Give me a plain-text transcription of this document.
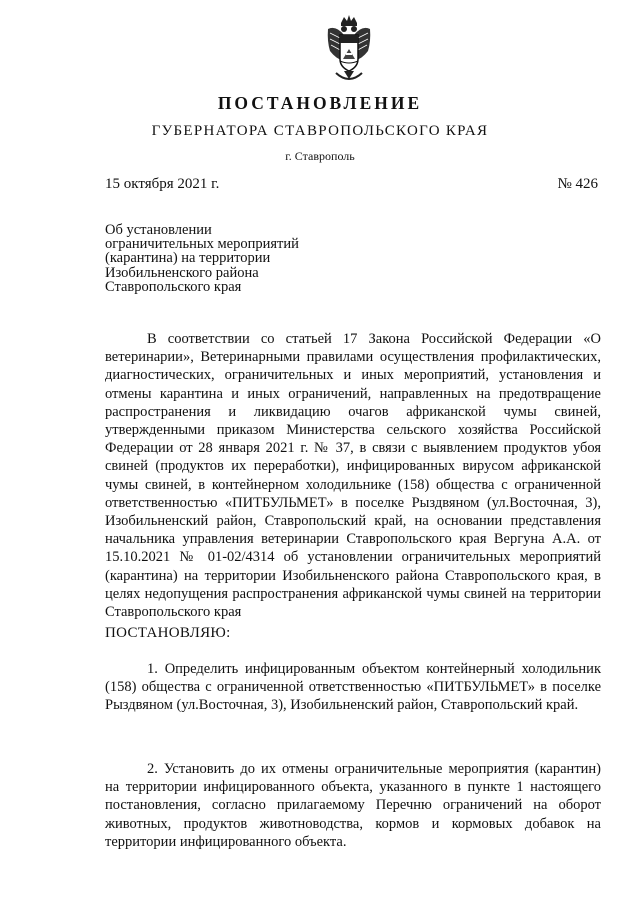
ПОСТАНОВЛЕНИЕ
ГУБЕРНАТОРА СТАВРОПОЛЬСКОГО КРАЯ
г. Ставрополь
15 октября 2021 г.	№ 426
Об установлении
ограничительных мероприятий
(карантина) на территории
Изобильненского района
Ставропольского края
В соответствии со статьей 17 Закона Российской Федерации «О ветеринарии», Ветеринарными правилами осуществления профилактических, диагностических, ограничительных и иных мероприятий, установления и отмены карантина и иных ограничений, направленных на предотвращение распространения и ликвидацию очагов африканской чумы свиней, утвержденными приказом Министерства сельского хозяйства Российской Федерации от 28 января 2021 г. № 37, в связи с выявлением продуктов убоя свиней (продуктов их переработки), инфицированных вирусом африканской чумы свиней, в контейнерном холодильнике (158) общества с ограниченной ответственностью «ПИТБУЛЬМЕТ» в поселке Рыздвяном (ул.Восточная, 3), Изобильненский район, Ставропольский край, на основании представления начальника управления ветеринарии Ставропольского края Вергуна А.А. от 15.10.2021 № 01-02/4314 об установлении ограничительных мероприятий (карантина) на территории Изобильненского района Ставропольского края, в целях недопущения распространения африканской чумы свиней на территории Ставропольского края
ПОСТАНОВЛЯЮ:
1. Определить инфицированным объектом контейнерный холодильник (158) общества с ограниченной ответственностью «ПИТБУЛЬМЕТ» в поселке Рыздвяном (ул.Восточная, 3), Изобильненский район, Ставропольский край.
2. Установить до их отмены ограничительные мероприятия (карантин) на территории инфицированного объекта, указанного в пункте 1 настоящего постановления, согласно прилагаемому Перечню ограничений на оборот животных, продуктов животноводства, кормов и кормовых добавок на территории инфицированного объекта.
